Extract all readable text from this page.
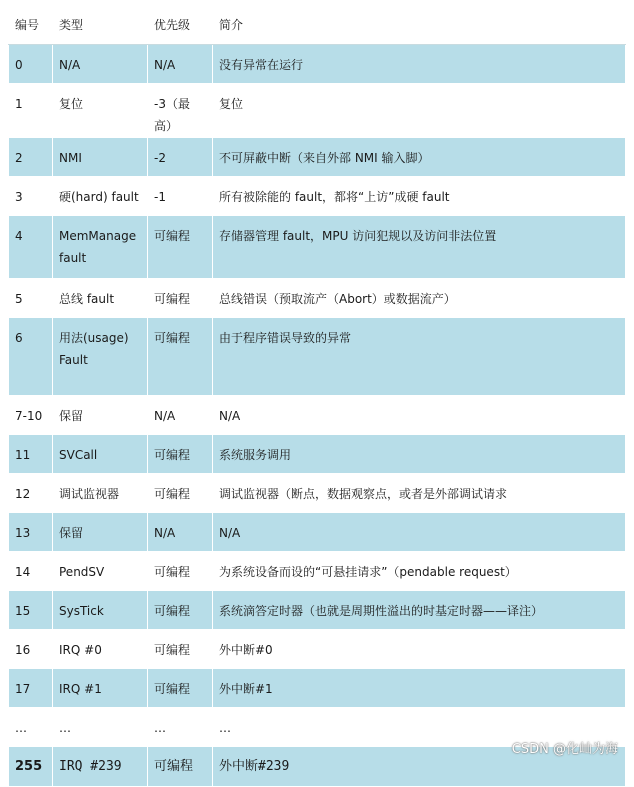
编号	类型	优先级	简介
0	N/A	N/A	没有异常在运行
1	复位	-3（最高）	复位
2	NMI	-2	不可屏蔽中断（来自外部 NMI 输入脚）
3	硬(hard) fault	-1	所有被除能的 fault，都将“上访”成硬 fault
4	MemManage fault	可编程	存储器管理 fault，MPU 访问犯规以及访问非法位置
5	总线 fault	可编程	总线错误（预取流产（Abort）或数据流产）
6	用法(usage) Fault	可编程	由于程序错误导致的异常
7-10	保留	N/A	N/A
11	SVCall	可编程	系统服务调用
12	调试监视器	可编程	调试监视器（断点，数据观察点，或者是外部调试请求
13	保留	N/A	N/A
14	PendSV	可编程	为系统设备而设的“可悬挂请求”（pendable request）
15	SysTick	可编程	系统滴答定时器（也就是周期性溢出的时基定时器——译注）
16	IRQ #0	可编程	外中断#0
17	IRQ #1	可编程	外中断#1
…	…	…	…
255	IRQ #239	可编程	外中断#239
CSDN @化屾为海
